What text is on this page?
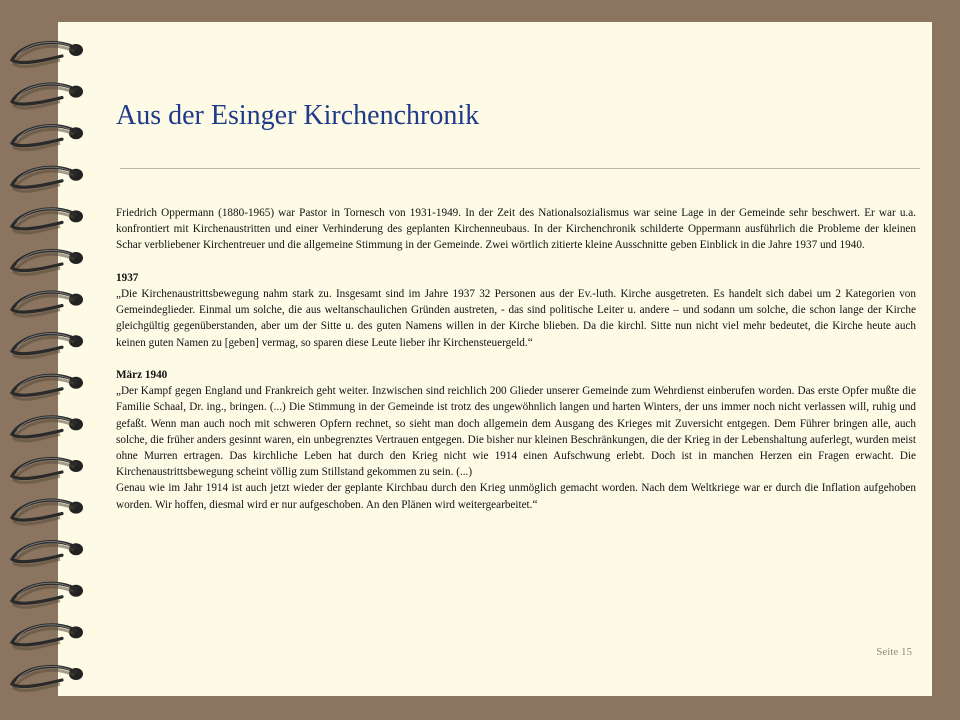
Aus der Esinger Kirchenchronik

Friedrich Oppermann (1880-1965) war Pastor in Tornesch von 1931-1949. In der Zeit des Nationalsozialismus war seine Lage in der Gemeinde sehr beschwert. Er war u.a. konfrontiert mit Kirchenaustritten und einer Verhinderung des geplanten Kirchenneubaus. In der Kirchenchronik schilderte Oppermann ausführlich die Probleme der kleinen Schar verbliebener Kirchentreuer und die allgemeine Stimmung in der Gemeinde. Zwei wörtlich zitierte kleine Ausschnitte geben Einblick in die Jahre 1937 und 1940.

1937

„Die Kirchenaustrittsbewegung nahm stark zu. Insgesamt sind im Jahre 1937 32 Personen aus der Ev.-luth. Kirche ausgetreten. Es handelt sich dabei um 2 Kategorien von Gemeindeglieder. Einmal um solche, die aus weltanschaulichen Gründen austreten, - das sind politische Leiter u. andere – und sodann um solche, die schon lange der Kirche gleichgültig gegenüberstanden, aber um der Sitte u. des guten Namens willen in der Kirche blieben. Da die kirchl. Sitte nun nicht viel mehr bedeutet, die Kirche heute auch keinen guten Namen zu [geben] vermag, so sparen diese Leute lieber ihr Kirchensteuergeld.“

März 1940

„Der Kampf gegen England und Frankreich geht weiter. Inzwischen sind reichlich 200 Glieder unserer Gemeinde zum Wehrdienst einberufen worden. Das erste Opfer mußte die Familie Schaal, Dr. ing., bringen. (...) Die Stimmung in der Gemeinde ist trotz des ungewöhnlich langen und harten Winters, der uns immer noch nicht verlassen will, ruhig und gefaßt. Wenn man auch noch mit schweren Opfern rechnet, so sieht man doch allgemein dem Ausgang des Krieges mit Zuversicht entgegen. Dem Führer bringen alle, auch solche, die früher anders gesinnt waren, ein unbegrenztes Vertrauen entgegen. Die bisher nur kleinen Beschränkungen, die der Krieg in der Lebenshaltung auferlegt, wurden meist ohne Murren ertragen. Das kirchliche Leben hat durch den Krieg nicht wie 1914 einen Aufschwung erlebt. Doch ist in manchen Herzen ein Fragen erwacht. Die Kirchenaustrittsbewegung scheint völlig zum Stillstand gekommen zu sein. (...)

Genau wie im Jahr 1914 ist auch jetzt wieder der geplante Kirchbau durch den Krieg unmöglich gemacht worden. Nach dem Weltkriege war er durch die Inflation aufgehoben worden. Wir hoffen, diesmal wird er nur aufgeschoben. An den Plänen wird weitergearbeitet.“

Seite 15
